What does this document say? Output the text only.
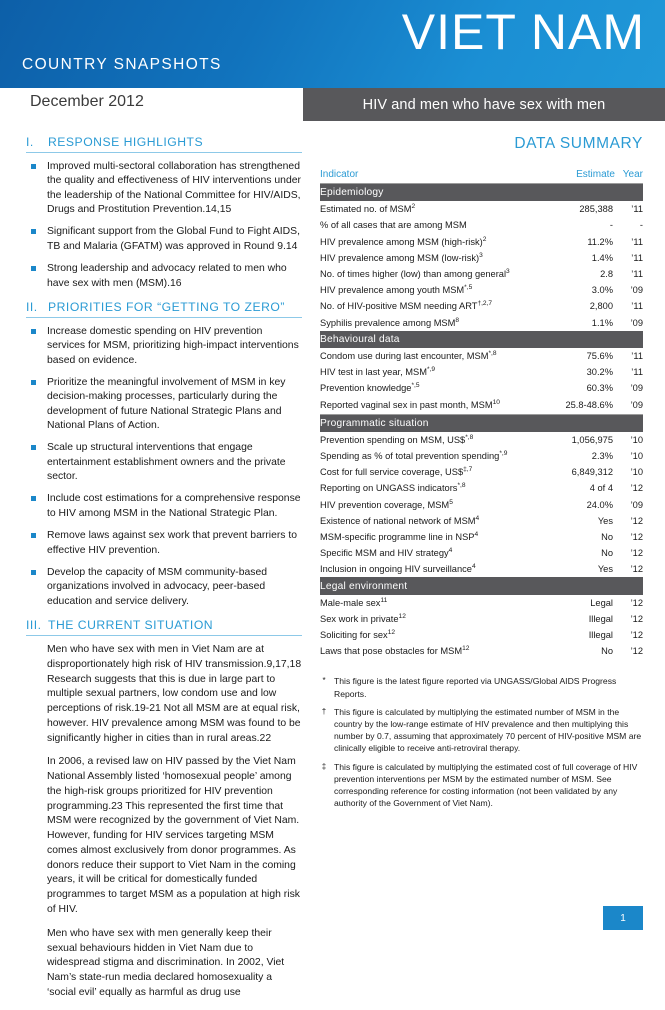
COUNTRY SNAPSHOTS
VIET NAM
December 2012	HIV and men who have sex with men
I.	RESPONSE HIGHLIGHTS
Improved multi-sectoral collaboration has strengthened the quality and effectiveness of HIV interventions under the leadership of the National Committee for HIV/AIDS, Drugs and Prostitution Prevention.14,15
Significant support from the Global Fund to Fight AIDS, TB and Malaria (GFATM) was approved in Round 9.14
Strong leadership and advocacy related to men who have sex with men (MSM).16
II. PRIORITIES FOR “GETTING TO ZERO”
Increase domestic spending on HIV prevention services for MSM, prioritizing high-impact interventions based on evidence.
Prioritize the meaningful involvement of MSM in key decision-making processes, particularly during the development of future National Strategic Plans and National Plans of Action.
Scale up structural interventions that engage entertainment establishment owners and the private sector.
Include cost estimations for a comprehensive response to HIV among MSM in the National Strategic Plan.
Remove laws against sex work that prevent barriers to effective HIV prevention.
Develop the capacity of MSM community-based organizations involved in advocacy, peer-based education and service delivery.
III. THE CURRENT SITUATION

Men who have sex with men in Viet Nam are at disproportionately high risk of HIV transmission.9,17,18 Research suggests that this is due in large part to multiple sexual partners, low condom use and low perceptions of risk.19-21 Not all MSM are at equal risk, however. HIV prevalence among MSM was found to be significantly higher in cities than in rural areas.22

In 2006, a revised law on HIV passed by the Viet Nam National Assembly listed ‘homosexual people’ among the high-risk groups prioritized for HIV prevention programming.23 This represented the first time that MSM were recognized by the government of Viet Nam. However, funding for HIV services targeting MSM comes almost exclusively from donor programmes. As donors reduce their support to Viet Nam in the coming years, it will be critical for domestically funded programmes to target MSM as a population at high risk of HIV.

Men who have sex with men generally keep their sexual behaviours hidden in Viet Nam due to widespread stigma and discrimination. In 2002, Viet Nam’s state-run media declared homosexuality a ‘social evil’ equally as harmful as drug use

DATA SUMMARY
Indicator	Estimate	Year
Epidemiology		
Estimated no. of MSM$^2$	285,388	’11
% of all cases that are among MSM	-	-
HIV prevalence among MSM (high-risk)$^2$	11.2%	’11
HIV prevalence among MSM (low-risk)$^3$	1.4%	’11
No. of times higher (low) than among general$^3$	2.8	’11
HIV prevalence among youth $MSM^{*,5}$	3.0%	’09
No. of HIV-positive MSM needing $ART^{\dagger,2,7}$	2,800	’11
Syphilis prevalence among MSM$^8$	1.1%	’09
Behavioural data		
Condom use during last encounter, $MSM^{*,8}$	75.6%	’11
HIV test in last year, $MSM^{*,9}$	30.2%	’11
Prevention knowledge$^{*,5}$	60.3%	’09
Reported vaginal sex in past month, MSM$^{10}$	25.8-48.6%	’09
Programmatic situation		
Prevention spending on MSM, US\$$^{*,8}$	1,056,975	’10
Spending as % of total prevention spending$^{*,9}$	2.3%	’10
Cost for full service coverage, US\$$^{\ddagger,7}$	6,849,312	’10
Reporting on UNGASS indicators$^{*,8}$	4 of 4	’12
HIV prevention coverage, MSM$^5$	24.0%	’09
Existence of national network of MSM$^4$	Yes	’12
MSM-specific programme line in NSP$^4$	No	’12
Specific MSM and HIV strategy$^4$	No	’12
Inclusion in ongoing HIV surveillance$^4$	Yes	’12
Legal environment		
Male-male sex$^{11}$	Legal	’12
Sex work in private$^{12}$	Illegal	’12
Soliciting for sex$^{12}$	Illegal	’12
Laws that pose obstacles for MSM$^{12}$	No	’12
* This figure is the latest figure reported via UNGASS/Global AIDS Progress Reports.
† This figure is calculated by multiplying the estimated number of MSM in the country by the low-range estimate of HIV prevalence and then multiplying this number by 0.7, assuming that approximately 70 percent of HIV-positive MSM are clinically eligible to receive anti-retroviral therapy.
‡ This figure is calculated by multiplying the estimated cost of full coverage of HIV prevention interventions per MSM by the estimated number of MSM. See corresponding reference for costing information (not been validated by any authority of the Government of Viet Nam).
1
